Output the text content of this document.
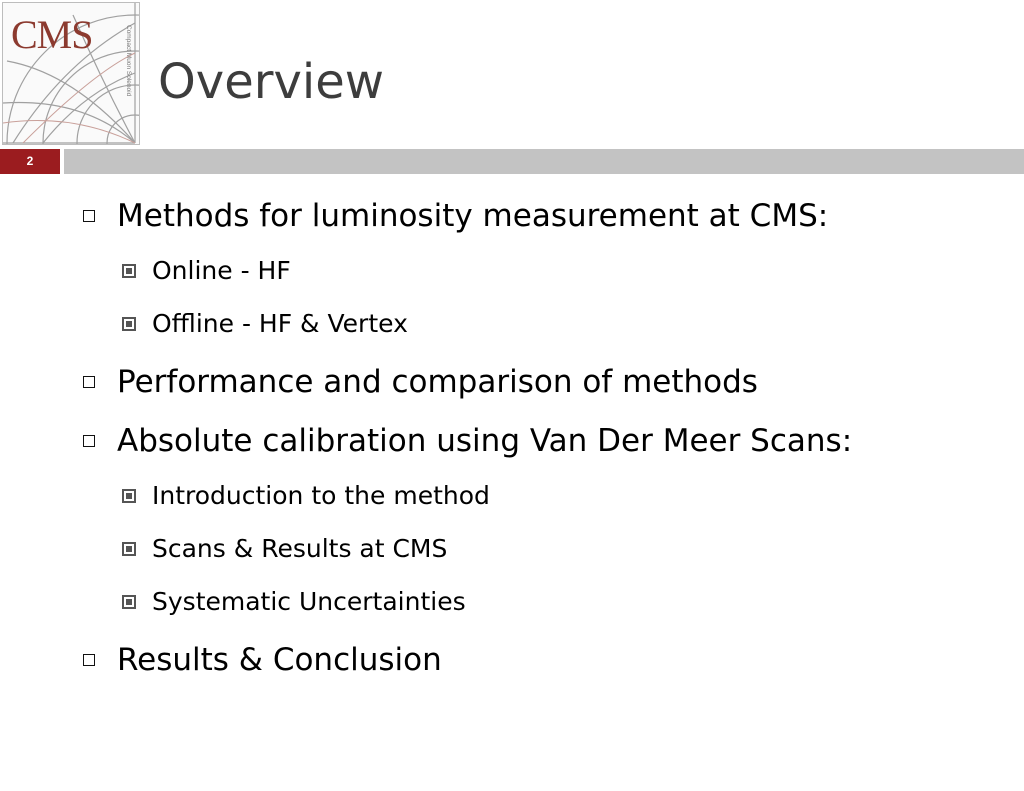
CMS	Compact Muon Solenoid Overview
2
Methods for luminosity measurement at CMS:
Online - HF
Offline - HF & Vertex
Performance and comparison of methods
Absolute calibration using Van Der Meer Scans:
Introduction to the method
Scans & Results at CMS
Systematic Uncertainties
Results & Conclusion
